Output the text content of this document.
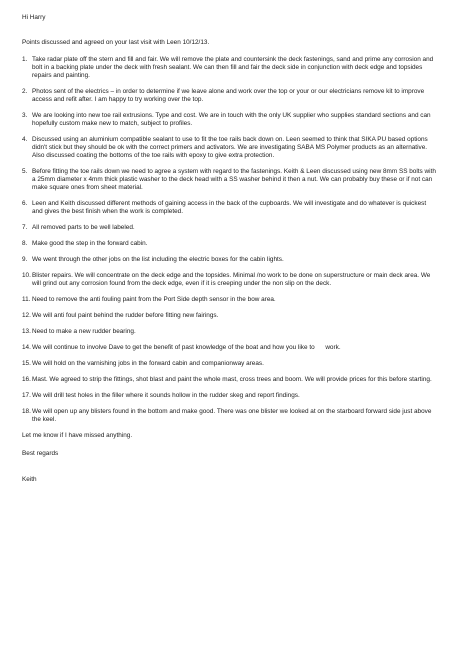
Hi Harry

Points discussed and agreed on your last visit with Leen 10/12/13.

1. Take radar plate off the stern and fill and fair. We will remove the plate and countersink the deck fastenings, sand and prime any corrosion and bolt in a backing plate under the deck with fresh sealant. We can then fill and fair the deck side in conjunction with deck edge and topsides repairs and painting.
2. Photos sent of the electrics – in order to determine if we leave alone and work over the top or your or our electricians remove kit to improve access and refit after. I am happy to try working over the top.
3. We are looking into new toe rail extrusions. Type and cost. We are in touch with the only UK supplier who supplies standard sections and can hopefully custom make new to match, subject to profiles.
4. Discussed using an aluminium compatible sealant to use to fit the toe rails back down on. Leen seemed to think that SIKA PU based options didn't stick but they should be ok with the correct primers and activators. We are investigating SABA MS Polymer products as an alternative. Also discussed coating the bottoms of the toe rails with epoxy to give extra protection.
5. Before fitting the toe rails down we need to agree a system with regard to the fastenings. Keith & Leen discussed using new 8mm SS bolts with a 25mm diameter x 4mm thick plastic washer to the deck head with a SS washer behind it then a nut. We can probably buy these or if not can make square ones from sheet material.
6. Leen and Keith discussed different methods of gaining access in the back of the cupboards. We will investigate and do whatever is quickest and gives the best finish when the work is completed.
7. All removed parts to be well labeled.
8. Make good the step in the forward cabin.
9. We went through the other jobs on the list including the electric boxes for the cabin lights.
10. Blister repairs. We will concentrate on the deck edge and the topsides. Minimal /no work to be done on superstructure or main deck area. We will grind out any corrosion found from the deck edge, even if it is creeping under the non slip on the deck.
11. Need to remove the anti fouling paint from the Port Side depth sensor in the bow area.
12. We will anti foul paint behind the rudder before fitting new fairings.
13. Need to make a new rudder bearing.
14. We will continue to involve Dave to get the benefit of past knowledge of the boat and how you like to      work.
15. We will hold on the varnishing jobs in the forward cabin and companionway areas.
16. Mast. We agreed to strip the fittings, shot blast and paint the whole mast, cross trees and boom. We will provide prices for this before starting.
17. We will drill test holes in the filler where it sounds hollow in the rudder skeg and report findings.
18. We will open up any blisters found in the bottom and make good. There was one blister we looked at on the starboard forward side just above the keel.

Let me know if I have missed anything.

Best regards

Keith
